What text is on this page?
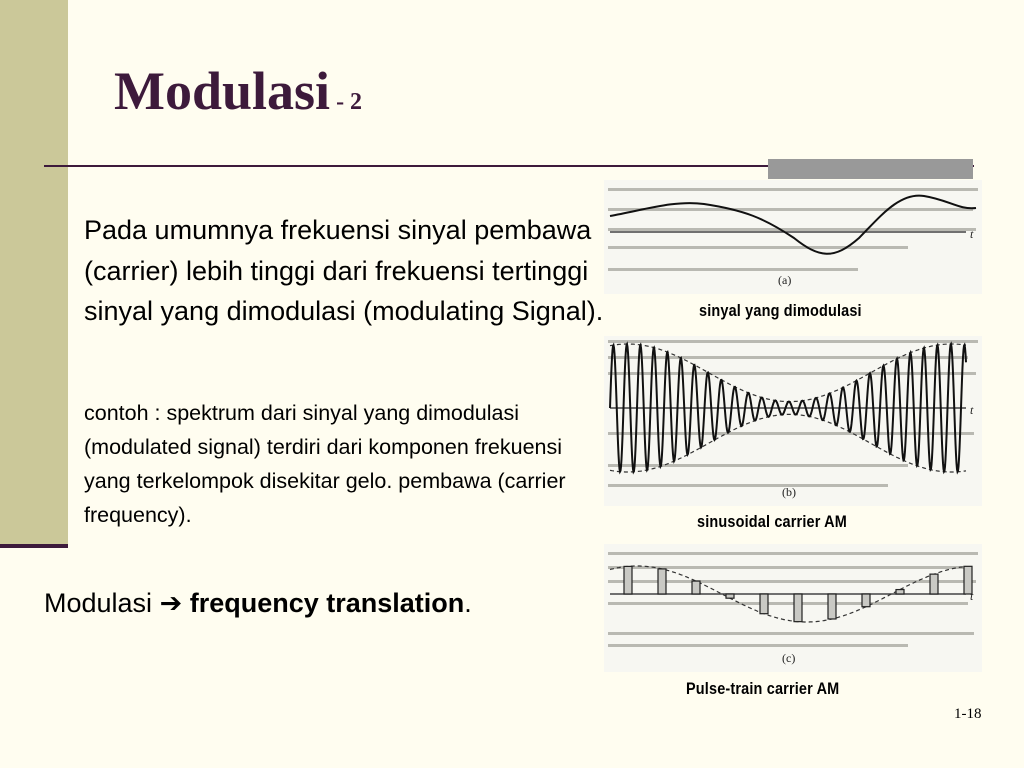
Modulasi - 2

Pada umumnya frekuensi sinyal pembawa (carrier) lebih tinggi dari frekuensi tertinggi sinyal yang dimodulasi (modulating Signal).

contoh : spektrum dari sinyal yang dimodulasi (modulated signal) terdiri dari komponen frekuensi yang terkelompok disekitar gelo. pembawa (carrier frequency).

Modulasi ➔ frequency translation.

t
(a)
sinyal yang dimodulasi
t
(b)
sinusoidal carrier AM
t
(c)
Pulse-train carrier AM
1-18
